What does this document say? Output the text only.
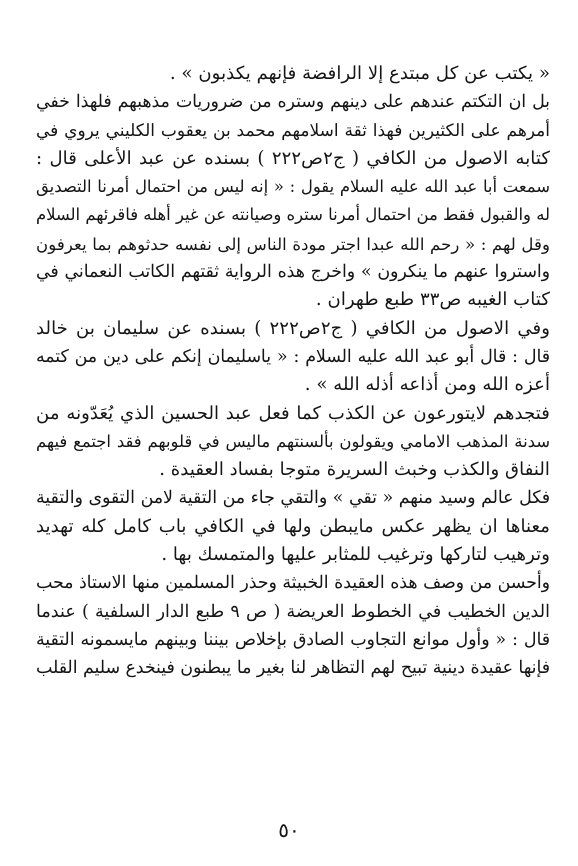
« يكتب عن كل مبتدع إلا الرافضة فإنهم يكذبون » .
بل ان التكتم عندهم على دينهم وستره من ضروريات مذهبهم فلهذا خفي
أمرهم على الكثيرين فهذا ثقة اسلامهم محمد بن يعقوب الكليني يروي في
كتابه الاصول من الكافي ( ج٢ص٢٢٢ ) بسنده عن عبد الأعلى قال :
سمعت أبا عبد الله عليه السلام يقول : « إنه ليس من احتمال أمرنا التصديق
له والقبول فقط من احتمال أمرنا ستره وصيانته عن غير أهله فاقرئهم السلام
وقل لهم : « رحم الله عبدا اجتر مودة الناس إلى نفسه حدثوهم بما يعرفون
واستروا عنهم ما ينكرون » واخرج هذه الرواية ثقتهم الكاتب النعماني في
كتاب الغيبه ص٣٣ طبع طهران .
وفي الاصول من الكافي ( ج٢ص٢٢٢ ) بسنده عن سليمان بن خالد
قال : قال أبو عبد الله عليه السلام : « ياسليمان إنكم على دين من كتمه
أعزه الله ومن أذاعه أذله الله » .
فتجدهم لايتورعون عن الكذب كما فعل عبد الحسين الذي يُعَدّونه من
سدنة المذهب الامامي ويقولون بألسنتهم ماليس في قلوبهم فقد اجتمع فيهم
النفاق والكذب وخبث السريرة متوجا بفساد العقيدة .
فكل عالم وسيد منهم « تقي » والتقي جاء من التقية لامن التقوى والتقية
معناها ان يظهر عكس مايبطن ولها في الكافي باب كامل كله تهديد
وترهيب لتاركها وترغيب للمثابر عليها والمتمسك بها .
وأحسن من وصف هذه العقيدة الخبيثة وحذر المسلمين منها الاستاذ محب
الدين الخطيب في الخطوط العريضة ( ص ٩ طبع الدار السلفية ) عندما
قال : « وأول موانع التجاوب الصادق بإخلاص بيننا وبينهم مايسمونه التقية
فإنها عقيدة دينية تبيح لهم التظاهر لنا بغير ما يبطنون فينخدع سليم القلب
٥٠
